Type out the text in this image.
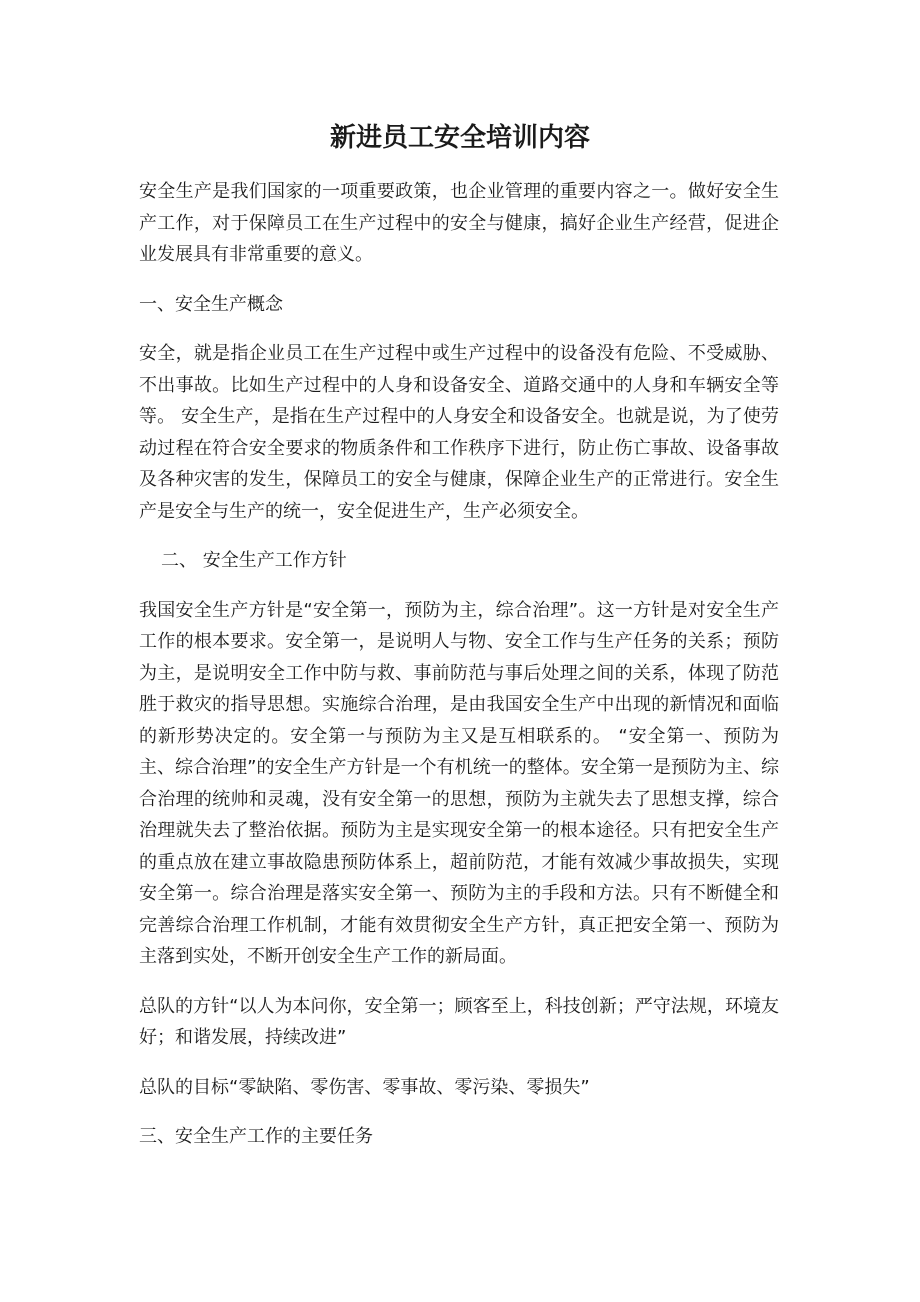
新进员工安全培训内容

安全生产是我们国家的一项重要政策，也企业管理的重要内容之一。做好安全生产工作，对于保障员工在生产过程中的安全与健康，搞好企业生产经营，促进企业发展具有非常重要的意义。

一、安全生产概念

安全，就是指企业员工在生产过程中或生产过程中的设备没有危险、不受威胁、不出事故。比如生产过程中的人身和设备安全、道路交通中的人身和车辆安全等等。 安全生产，是指在生产过程中的人身安全和设备安全。也就是说，为了使劳动过程在符合安全要求的物质条件和工作秩序下进行，防止伤亡事故、设备事故及各种灾害的发生，保障员工的安全与健康，保障企业生产的正常进行。安全生产是安全与生产的统一，安全促进生产，生产必须安全。

二、 安全生产工作方针

我国安全生产方针是“安全第一，预防为主，综合治理”。这一方针是对安全生产工作的根本要求。安全第一，是说明人与物、安全工作与生产任务的关系；预防为主，是说明安全工作中防与救、事前防范与事后处理之间的关系，体现了防范胜于救灾的指导思想。实施综合治理，是由我国安全生产中出现的新情况和面临的新形势决定的。安全第一与预防为主又是互相联系的。 “安全第一、预防为主、综合治理”的安全生产方针是一个有机统一的整体。安全第一是预防为主、综合治理的统帅和灵魂，没有安全第一的思想，预防为主就失去了思想支撑，综合治理就失去了整治依据。预防为主是实现安全第一的根本途径。只有把安全生产的重点放在建立事故隐患预防体系上，超前防范，才能有效减少事故损失，实现安全第一。综合治理是落实安全第一、预防为主的手段和方法。只有不断健全和完善综合治理工作机制，才能有效贯彻安全生产方针，真正把安全第一、预防为主落到实处，不断开创安全生产工作的新局面。

总队的方针“以人为本问你，安全第一；顾客至上，科技创新；严守法规，环境友好；和谐发展，持续改进”

总队的目标“零缺陷、零伤害、零事故、零污染、零损失”

三、安全生产工作的主要任务
